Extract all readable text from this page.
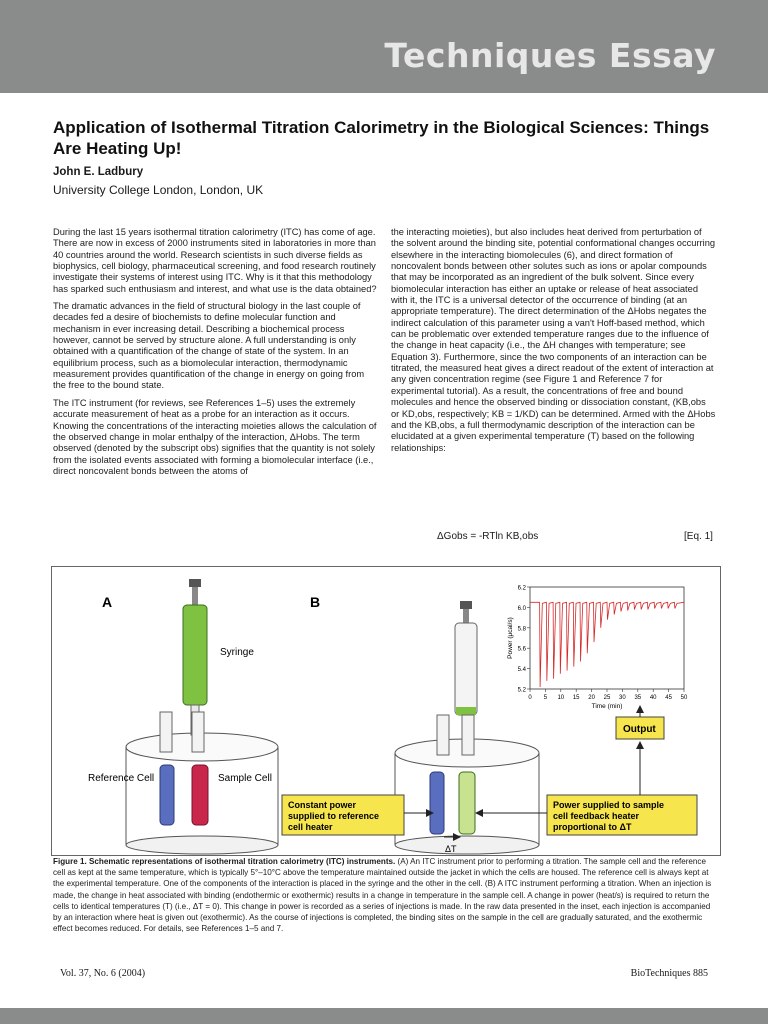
Techniques Essay
Application of Isothermal Titration Calorimetry in the Biological Sciences: Things Are Heating Up!
John E. Ladbury
University College London, London, UK

During the last 15 years isothermal titration calorimetry (ITC) has come of age. There are now in excess of 2000 instruments sited in laboratories in more than 40 countries around the world. Research scientists in such diverse fields as biophysics, cell biology, pharmaceutical screening, and food research routinely investigate their systems of interest using ITC. Why is it that this methodology has sparked such enthusiasm and interest, and what use is the data obtained?

The dramatic advances in the field of structural biology in the last couple of decades fed a desire of biochemists to define molecular function and mechanism in ever increasing detail. Describing a biochemical process however, cannot be served by structure alone. A full understanding is only obtained with a quantification of the change of state of the system. In an equilibrium process, such as a biomolecular interaction, thermodynamic measurement provides quantification of the change in energy on going from the free to the bound state.

The ITC instrument (for reviews, see References 1–5) uses the extremely accurate measurement of heat as a probe for an interaction as it occurs. Knowing the concentrations of the interacting moieties allows the calculation of the observed change in molar enthalpy of the interaction, ΔHobs. The term observed (denoted by the subscript obs) signifies that the quantity is not solely from the isolated events associated with forming a biomolecular interface (i.e., direct noncovalent bonds between the atoms of

the interacting moieties), but also includes heat derived from perturbation of the solvent around the binding site, potential conformational changes occurring elsewhere in the interacting biomolecules (6), and direct formation of noncovalent bonds between other solutes such as ions or apolar compounds that may be incorporated as an ingredient of the bulk solvent. Since every biomolecular interaction has either an uptake or release of heat associated with it, the ITC is a universal detector of the occurrence of binding (at an appropriate temperature). The direct determination of the ΔHobs negates the indirect calculation of this parameter using a van't Hoff-based method, which can be problematic over extended temperature ranges due to the influence of the change in heat capacity (i.e., the ΔH changes with temperature; see Equation 3). Furthermore, since the two components of an interaction can be titrated, the measured heat gives a direct readout of the extent of interaction at any given concentration regime (see Figure 1 and Reference 7 for experimental tutorial). As a result, the concentrations of free and bound molecules and hence the observed binding or dissociation constant, (KB,obs or KD,obs, respectively; KB = 1/KD) can be determined. Armed with the ΔHobs and the KB,obs, a full thermodynamic description of the interaction can be elucidated at a given experimental temperature (T) based on the following relationships:

ΔGobs = -RTln KB,obs	[Eq. 1]
A	B
Syringe
Reference Cell	Sample Cell
ΔT
Constant power supplied to reference cell heater
Power supplied to sample cell feedback heater proportional to ΔT
Output
5.2
5.4
5.6
5.8
6.0
6.2
0 5 10 15 20 25 30 35 40 45 50
Time (min)
Power (μcal/s)
Figure 1. Schematic representations of isothermal titration calorimetry (ITC) instruments. (A) An ITC instrument prior to performing a titration. The sample cell and the reference cell as kept at the same temperature, which is typically 5°–10°C above the temperature maintained outside the jacket in which the cells are housed. The reference cell is always kept at the experimental temperature. One of the components of the interaction is placed in the syringe and the other in the cell. (B) A ITC instrument performing a titration. When an injection is made, the change in heat associated with binding (endothermic or exothermic) results in a change in temperature in the sample cell. A change in power (heat/s) is required to return the cells to identical temperatures (T) (i.e., ΔT = 0). This change in power is recorded as a series of injections is made. In the raw data presented in the inset, each injection is accompanied by an interaction where heat is given out (exothermic). As the course of injections is completed, the binding sites on the sample in the cell are gradually saturated, and the exothermic effect becomes reduced. For details, see References 1–5 and 7.
Vol. 37, No. 6 (2004)	BioTechniques 885
